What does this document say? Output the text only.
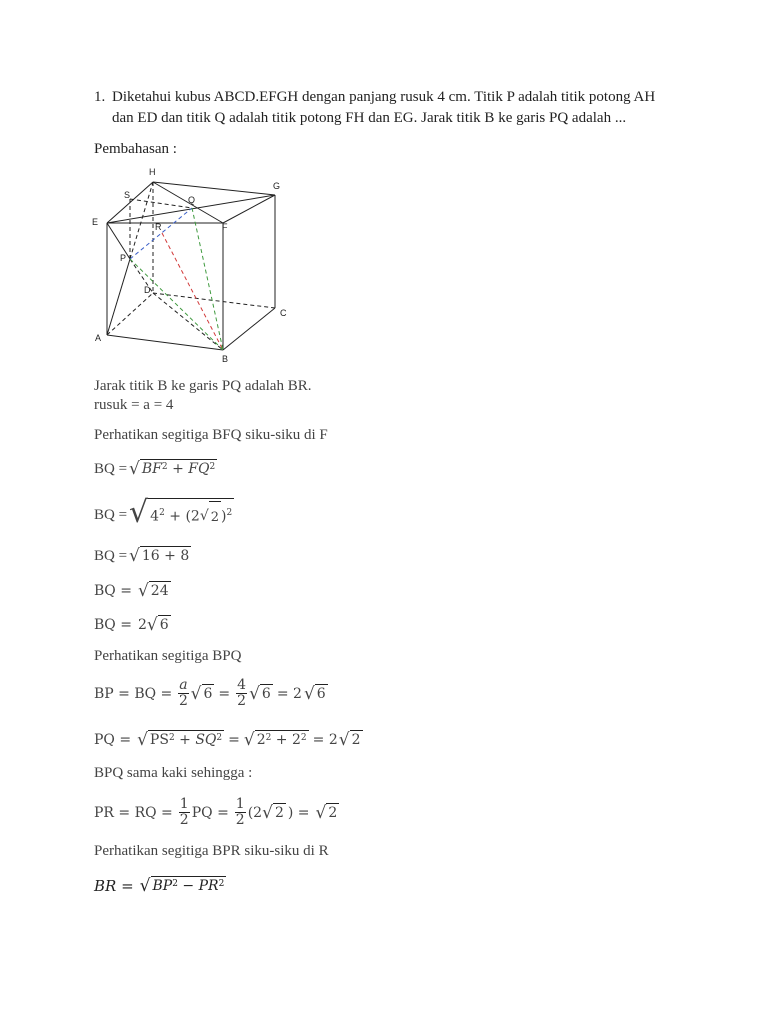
1. Diketahui kubus ABCD.EFGH dengan panjang rusuk 4 cm. Titik P adalah titik potong AH
dan ED dan titik Q adalah titik potong FH dan EG. Jarak titik B ke garis PQ adalah ...
Pembahasan :
H
G
S	Q
E	R	F
P
D
C
A
B
Jarak titik B ke garis PQ adalah BR.
rusuk = a = 4
Perhatikan segitiga BFQ siku-siku di F
BQ = √ $BF^2 + FQ^2$
BQ = √ $4^2 + (2$ √ 2 )$^2$
BQ = √ 16 + 8
BQ = √ 24
BQ = 2 √ 6
Perhatikan segitiga BPQ
BP = BQ = $\frac{a}{2}$ √ $6 = \frac{4}{2}$ √ 6 = 2 √ 6
PQ = √ $PS^2 + SQ^2$ = √ $2^2 + 2^2 = 2$ √ 2
BPQ sama kaki sehingga :
PR = RQ = $\frac{1}{2}$ PQ = $\frac{1}{2} (2$ √ 2 ) = √ 2
Perhatikan segitiga BPR siku-siku di R
BR = √ $BP^2 - PR^2$
